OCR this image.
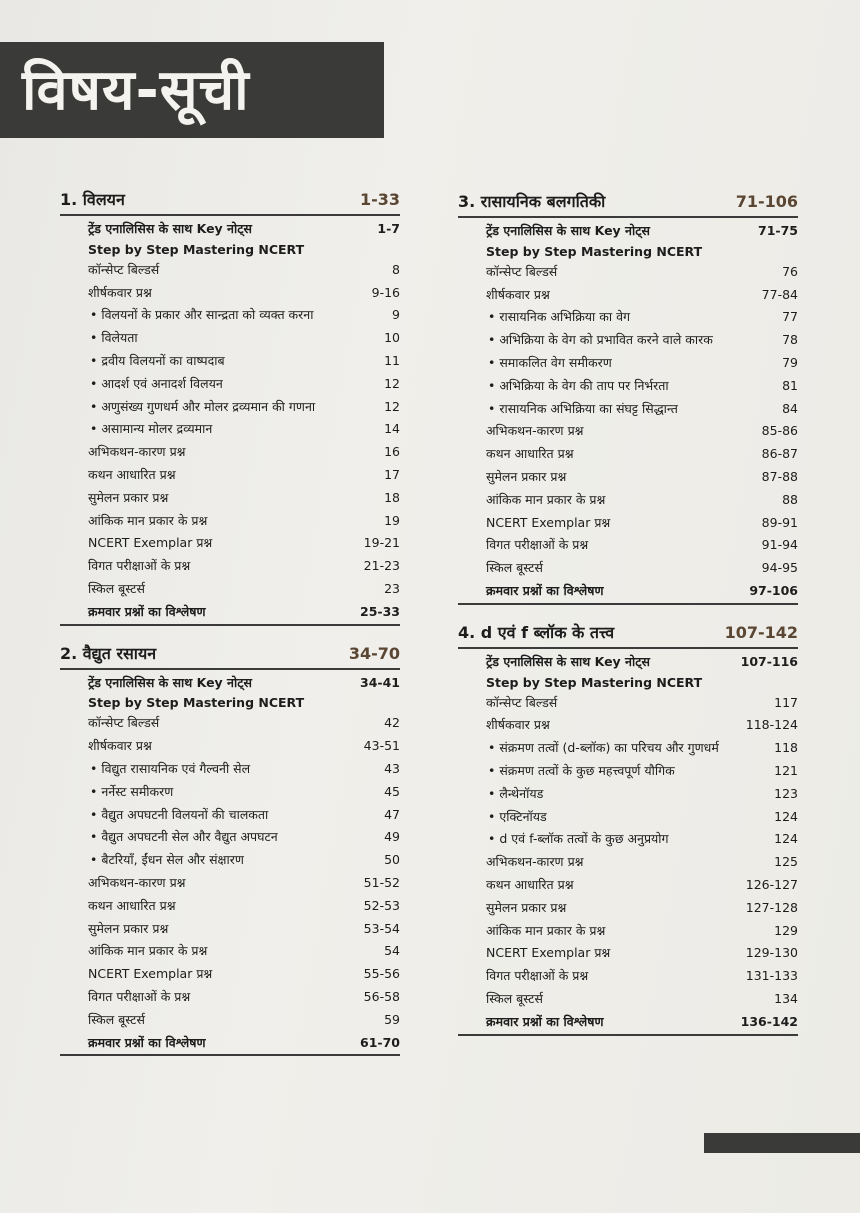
विषय-सूची
1. विलयन	1-33
ट्रेंड एनालिसिस के साथ Key नोट्स	1-7
Step by Step Mastering NCERT
कॉन्सेप्ट बिल्डर्स	8
शीर्षकवार प्रश्न	9-16
• विलयनों के प्रकार और सान्द्रता को व्यक्त करना	9
• विलेयता	10
• द्रवीय विलयनों का वाष्पदाब	11
• आदर्श एवं अनादर्श विलयन	12
• अणुसंख्य गुणधर्म और मोलर द्रव्यमान की गणना	12
• असामान्य मोलर द्रव्यमान	14
अभिकथन-कारण प्रश्न	16
कथन आधारित प्रश्न	17
सुमेलन प्रकार प्रश्न	18
आंकिक मान प्रकार के प्रश्न	19
NCERT Exemplar प्रश्न	19-21
विगत परीक्षाओं के प्रश्न	21-23
स्किल बूस्टर्स	23
क्रमवार प्रश्नों का विश्लेषण	25-33
2. वैद्युत रसायन	34-70
ट्रेंड एनालिसिस के साथ Key नोट्स	34-41
Step by Step Mastering NCERT
कॉन्सेप्ट बिल्डर्स	42
शीर्षकवार प्रश्न	43-51
• विद्युत रासायनिक एवं गैल्वनी सेल	43
• नर्नेस्ट समीकरण	45
• वैद्युत अपघटनी विलयनों की चालकता	47
• वैद्युत अपघटनी सेल और वैद्युत अपघटन	49
• बैटरियाँ, ईंधन सेल और संक्षारण	50
अभिकथन-कारण प्रश्न	51-52
कथन आधारित प्रश्न	52-53
सुमेलन प्रकार प्रश्न	53-54
आंकिक मान प्रकार के प्रश्न	54
NCERT Exemplar प्रश्न	55-56
विगत परीक्षाओं के प्रश्न	56-58
स्किल बूस्टर्स	59
क्रमवार प्रश्नों का विश्लेषण	61-70
3. रासायनिक बलगतिकी	71-106
ट्रेंड एनालिसिस के साथ Key नोट्स	71-75
Step by Step Mastering NCERT
कॉन्सेप्ट बिल्डर्स	76
शीर्षकवार प्रश्न	77-84
• रासायनिक अभिक्रिया का वेग	77
• अभिक्रिया के वेग को प्रभावित करने वाले कारक	78
• समाकलित वेग समीकरण	79
• अभिक्रिया के वेग की ताप पर निर्भरता	81
• रासायनिक अभिक्रिया का संघट्ट सिद्धान्त	84
अभिकथन-कारण प्रश्न	85-86
कथन आधारित प्रश्न	86-87
सुमेलन प्रकार प्रश्न	87-88
आंकिक मान प्रकार के प्रश्न	88
NCERT Exemplar प्रश्न	89-91
विगत परीक्षाओं के प्रश्न	91-94
स्किल बूस्टर्स	94-95
क्रमवार प्रश्नों का विश्लेषण	97-106
4. d एवं f ब्लॉक के तत्त्व	107-142
ट्रेंड एनालिसिस के साथ Key नोट्स	107-116
Step by Step Mastering NCERT
कॉन्सेप्ट बिल्डर्स	117
शीर्षकवार प्रश्न	118-124
• संक्रमण तत्वों (d-ब्लॉक) का परिचय और गुणधर्म	118
• संक्रमण तत्वों के कुछ महत्त्वपूर्ण यौगिक	121
• लैन्थेनॉयड	123
• एक्टिनॉयड	124
• d एवं f-ब्लॉक तत्वों के कुछ अनुप्रयोग	124
अभिकथन-कारण प्रश्न	125
कथन आधारित प्रश्न	126-127
सुमेलन प्रकार प्रश्न	127-128
आंकिक मान प्रकार के प्रश्न	129
NCERT Exemplar प्रश्न	129-130
विगत परीक्षाओं के प्रश्न	131-133
स्किल बूस्टर्स	134
क्रमवार प्रश्नों का विश्लेषण	136-142
